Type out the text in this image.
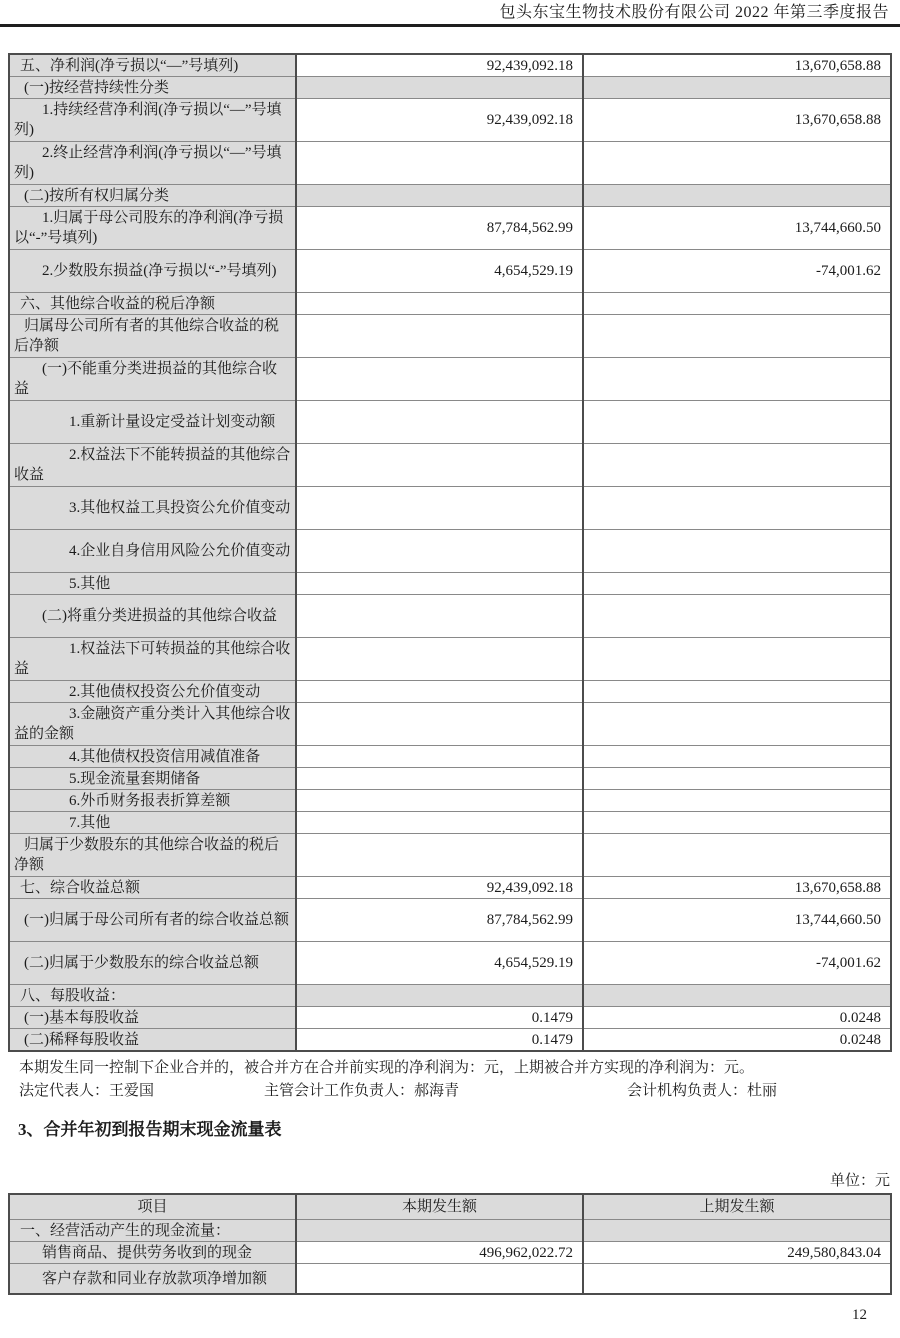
包头东宝生物技术股份有限公司 2022 年第三季度报告
五、净利润(净亏损以“—”号填列)	92,439,092.18	13,670,658.88
(一)按经营持续性分类		
1.持续经营净利润(净亏损以“—”号填列)	92,439,092.18	13,670,658.88
2.终止经营净利润(净亏损以“—”号填列)		
(二)按所有权归属分类		
1.归属于母公司股东的净利润(净亏损以“-”号填列)	87,784,562.99	13,744,660.50
2.少数股东损益(净亏损以“-”号填列)	4,654,529.19	-74,001.62
六、其他综合收益的税后净额		
归属母公司所有者的其他综合收益的税后净额		
(一)不能重分类进损益的其他综合收益		
1.重新计量设定受益计划变动额		
2.权益法下不能转损益的其他综合收益		
3.其他权益工具投资公允价值变动		
4.企业自身信用风险公允价值变动		
5.其他		
(二)将重分类进损益的其他综合收益		
1.权益法下可转损益的其他综合收益		
2.其他债权投资公允价值变动		
3.金融资产重分类计入其他综合收益的金额		
4.其他债权投资信用减值准备		
5.现金流量套期储备		
6.外币财务报表折算差额		
7.其他		
归属于少数股东的其他综合收益的税后净额		
七、综合收益总额	92,439,092.18	13,670,658.88
(一)归属于母公司所有者的综合收益总额	87,784,562.99	13,744,660.50
(二)归属于少数股东的综合收益总额	4,654,529.19	-74,001.62
八、每股收益：		
(一)基本每股收益	0.1479	0.0248
(二)稀释每股收益	0.1479	0.0248

本期发生同一控制下企业合并的，被合并方在合并前实现的净利润为：元，上期被合并方实现的净利润为：元。

法定代表人：王爱国	主管会计工作负责人：郝海青	会计机构负责人：杜丽
3、合并年初到报告期末现金流量表
单位：元
项目	本期发生额	上期发生额
一、经营活动产生的现金流量：		
销售商品、提供劳务收到的现金	496,962,022.72	249,580,843.04
客户存款和同业存放款项净增加额		
12
